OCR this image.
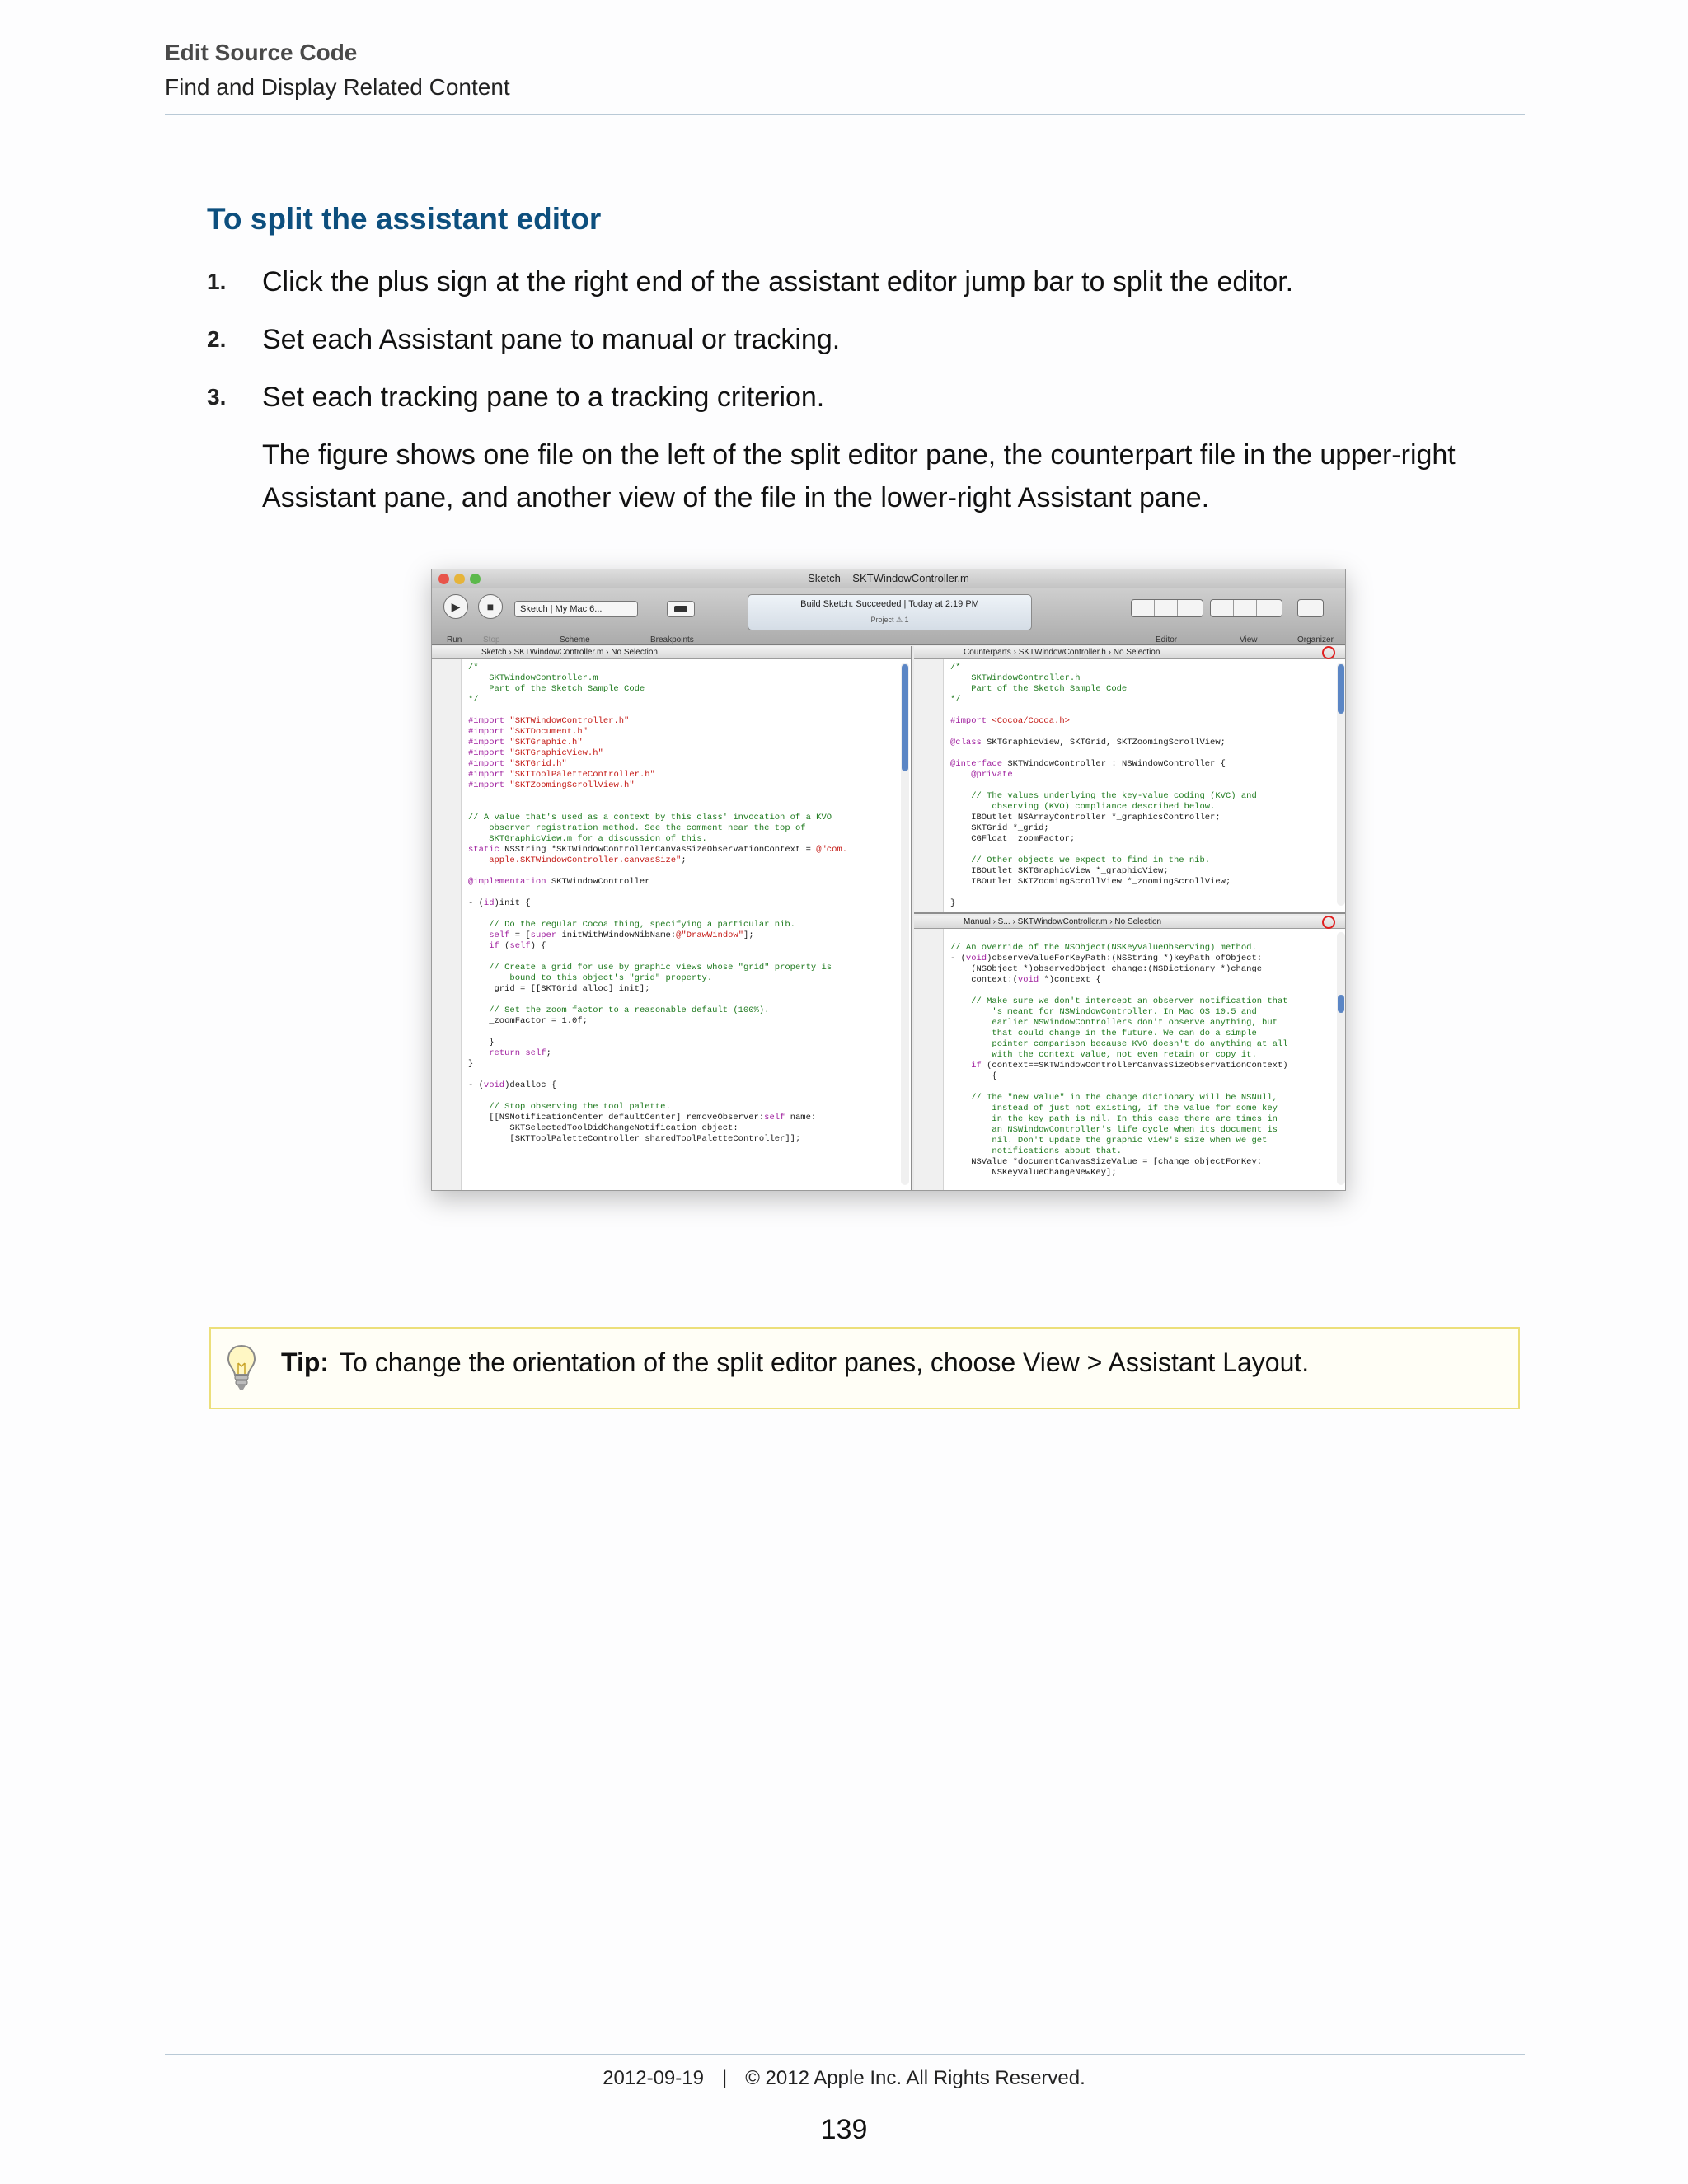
Edit Source Code
Find and Display Related Content
To split the assistant editor
1. Click the plus sign at the right end of the assistant editor jump bar to split the editor.
2. Set each Assistant pane to manual or tracking.
3. Set each tracking pane to a tracking criterion.

The figure shows one file on the left of the split editor pane, the counterpart file in the upper-right Assistant pane, and another view of the file in the lower-right Assistant pane.

Sketch – SKTWindowController.m
▶	■
Run	Stop
Sketch | My Mac 6...
Scheme	Breakpoints
Build Sketch: Succeeded | Today at 2:19 PM
Project ⚠ 1
Editor	View	Organizer
Sketch › SKTWindowController.m › No Selection
/*
SKTWindowController.m
Part of the Sketch Sample Code
*/

#import "SKTWindowController.h"
#import "SKTDocument.h"
#import "SKTGraphic.h"
#import "SKTGraphicView.h"
#import "SKTGrid.h"
#import "SKTToolPaletteController.h"
#import "SKTZoomingScrollView.h"

// A value that's used as a context by this class' invocation of a KVO
observer registration method. See the comment near the top of
SKTGraphicView.m for a discussion of this.
static NSString *SKTWindowControllerCanvasSizeObservationContext = @"com.
apple.SKTWindowController.canvasSize";

@implementation SKTWindowController

- (id)init {

// Do the regular Cocoa thing, specifying a particular nib.
self = [super initWithWindowNibName:@"DrawWindow"];
if (self) {

// Create a grid for use by graphic views whose "grid" property is
bound to this object's "grid" property.
_grid = [[SKTGrid alloc] init];

// Set the zoom factor to a reasonable default (100%).
_zoomFactor = 1.0f;

}
return self;
}

- (void)dealloc {

// Stop observing the tool palette.
[[NSNotificationCenter defaultCenter] removeObserver:self name:
SKTSelectedToolDidChangeNotification object:
[SKTToolPaletteController sharedToolPaletteController]];
Counterparts › SKTWindowController.h › No Selection
/*
SKTWindowController.h
Part of the Sketch Sample Code
*/

#import <Cocoa/Cocoa.h>

@class SKTGraphicView, SKTGrid, SKTZoomingScrollView;

@interface SKTWindowController : NSWindowController {
@private

// The values underlying the key-value coding (KVC) and
observing (KVO) compliance described below.
IBOutlet NSArrayController *_graphicsController;
SKTGrid *_grid;
CGFloat _zoomFactor;

// Other objects we expect to find in the nib.
IBOutlet SKTGraphicView *_graphicView;
IBOutlet SKTZoomingScrollView *_zoomingScrollView;

}
Manual › S... › SKTWindowController.m › No Selection

// An override of the NSObject(NSKeyValueObserving) method.
- (void)observeValueForKeyPath:(NSString *)keyPath ofObject:
(NSObject *)observedObject change:(NSDictionary *)change
context:(void *)context {

// Make sure we don't intercept an observer notification that
's meant for NSWindowController. In Mac OS 10.5 and
earlier NSWindowControllers don't observe anything, but
that could change in the future. We can do a simple
pointer comparison because KVO doesn't do anything at all
with the context value, not even retain or copy it.
if (context==SKTWindowControllerCanvasSizeObservationContext)
{

// The "new value" in the change dictionary will be NSNull,
instead of just not existing, if the value for some key
in the key path is nil. In this case there are times in
an NSWindowController's life cycle when its document is
nil. Don't update the graphic view's size when we get
notifications about that.
NSValue *documentCanvasSizeValue = [change objectForKey:
NSKeyValueChangeNewKey];
Tip: To change the orientation of the split editor panes, choose View > Assistant Layout.
2012-09-19 | © 2012 Apple Inc. All Rights Reserved.
139
